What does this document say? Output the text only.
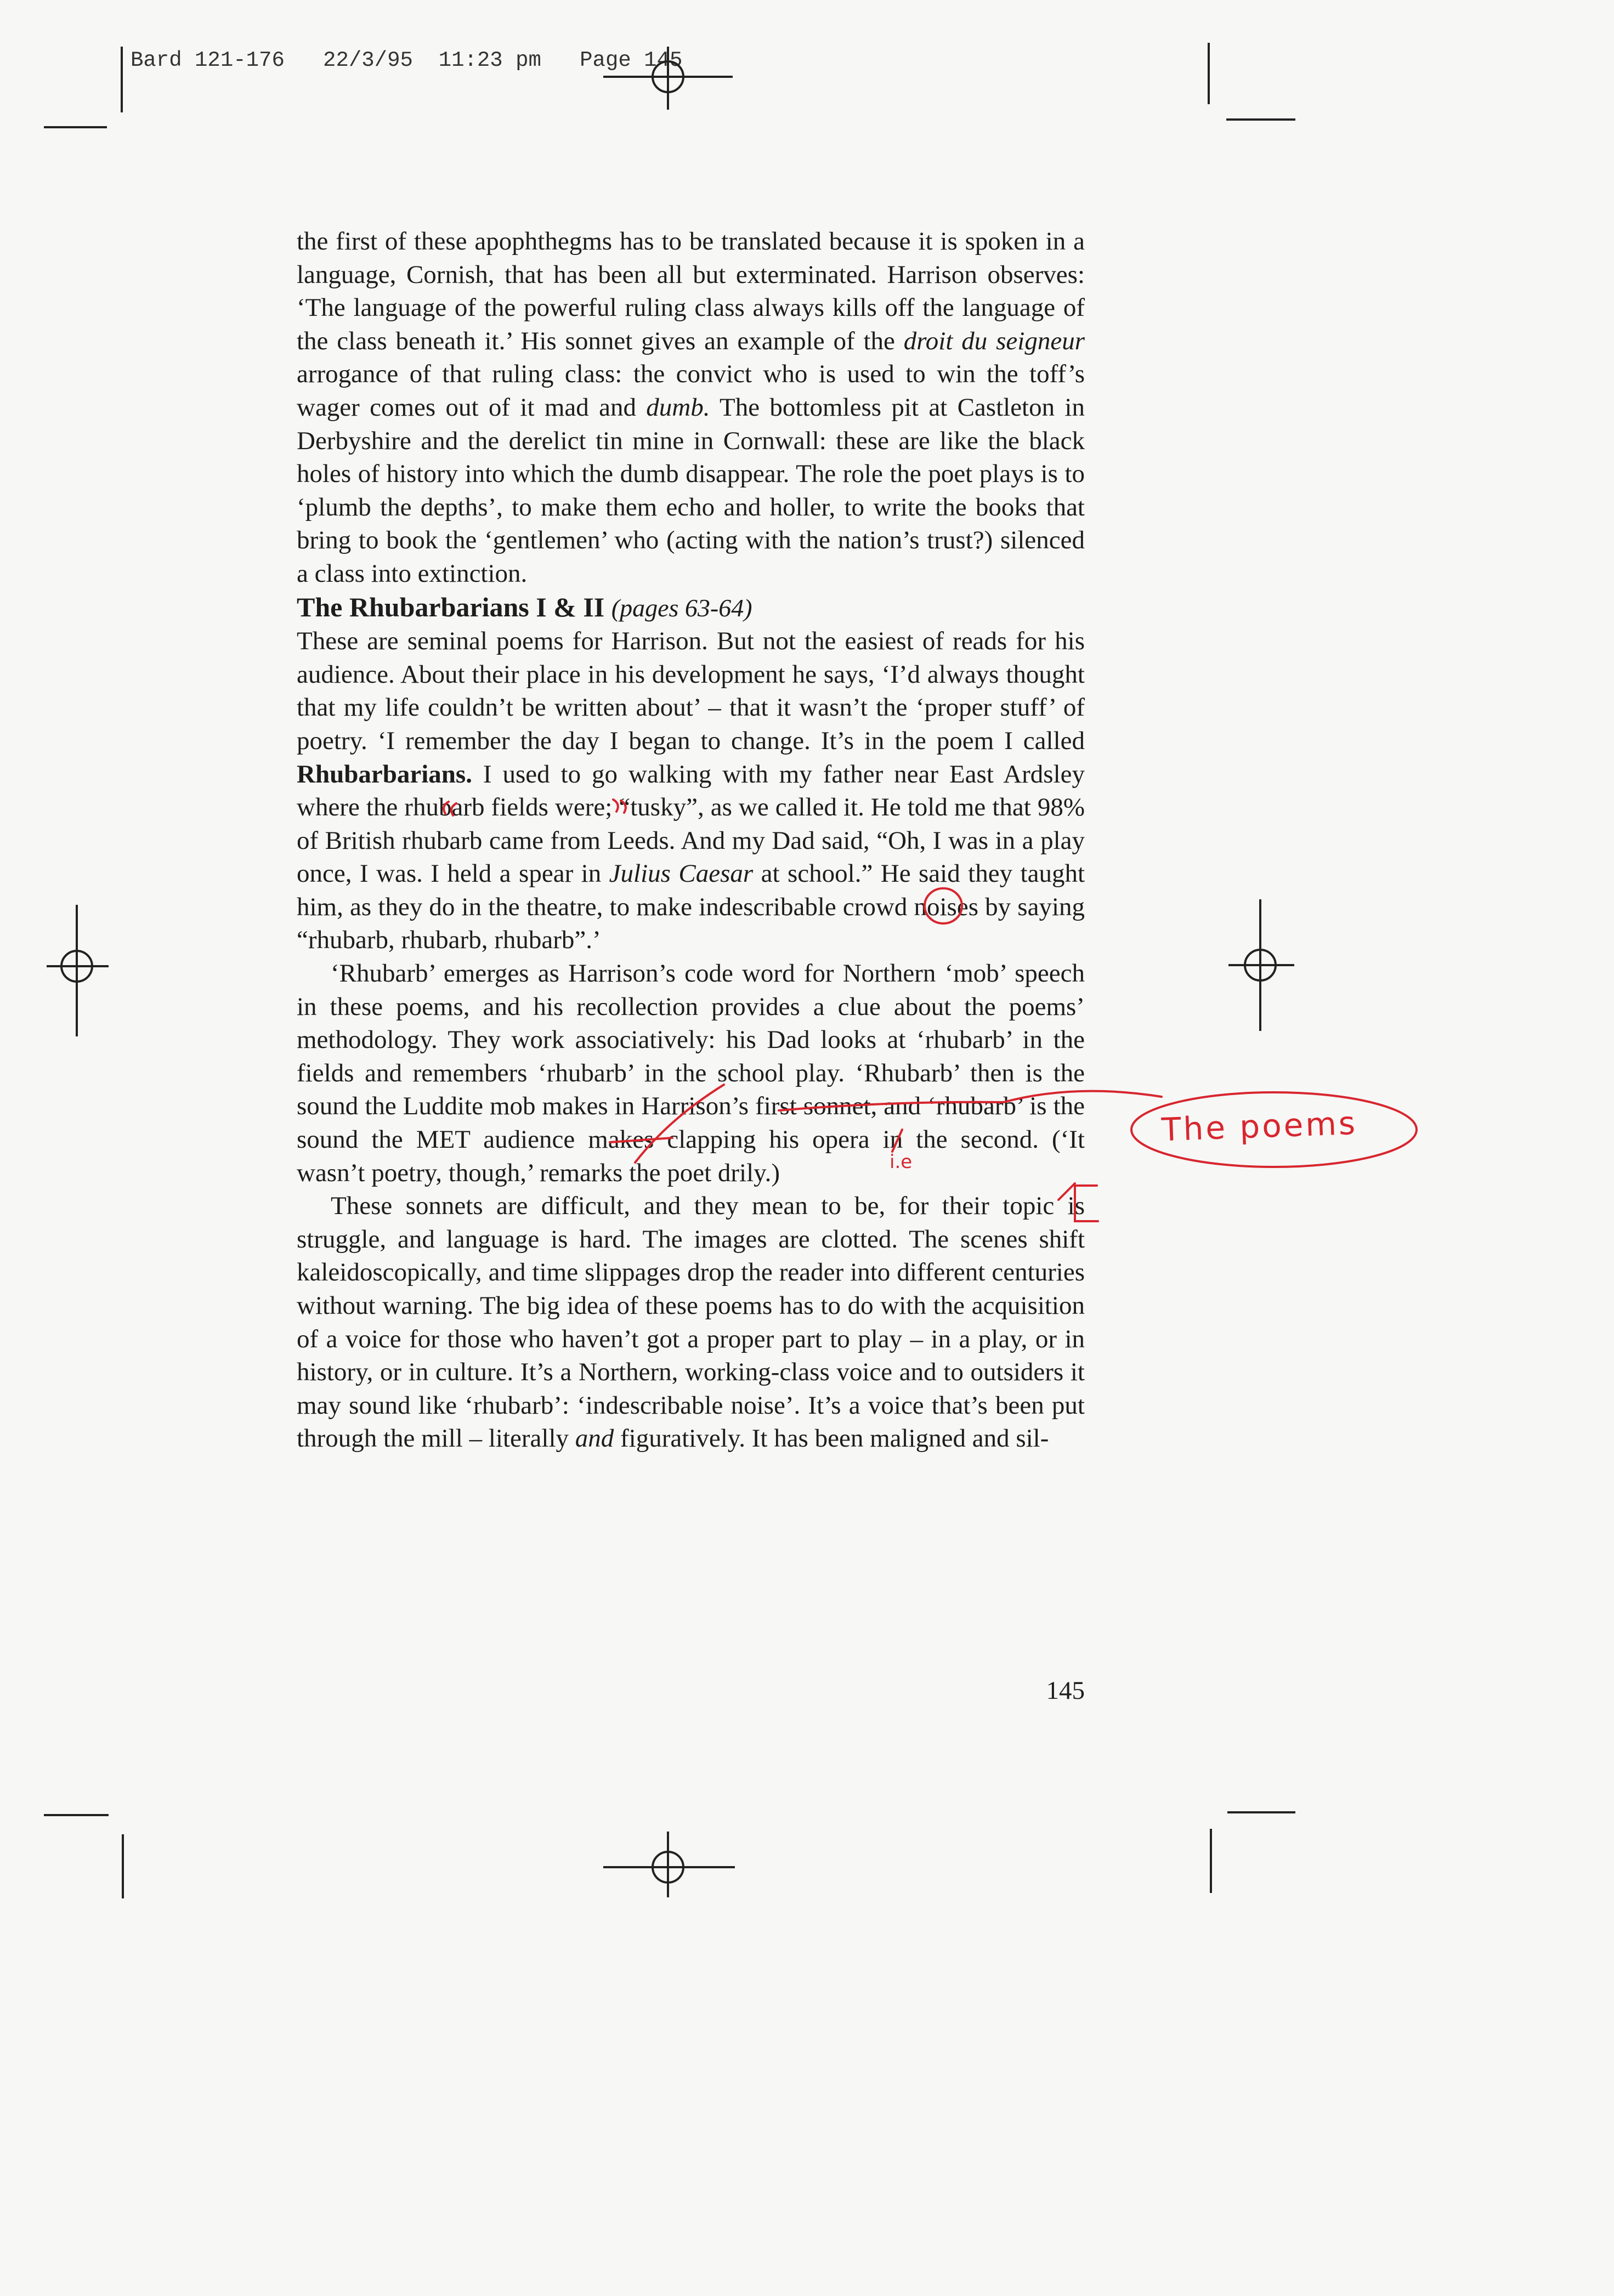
Bard 121-176   22/3/95  11:23 pm   Page 145

the first of these apophthegms has to be translated because it is spoken in a language, Cornish, that has been all but exterminated. Harrison observes: ‘The language of the powerful ruling class always kills off the language of the class beneath it.’ His sonnet gives an example of the droit du seigneur arrogance of that ruling class: the convict who is used to win the toff’s wager comes out of it mad and dumb. The bottomless pit at Castleton in Derbyshire and the derelict tin mine in Cornwall: these are like the black holes of history into which the dumb disappear. The role the poet plays is to ‘plumb the depths’, to make them echo and holler, to write the books that bring to book the ‘gentlemen’ who (acting with the nation’s trust?) silenced a class into extinction.

The Rhubarbarians I & II (pages 63-64)

These are seminal poems for Harrison. But not the easiest of reads for his audience. About their place in his development he says, ‘I’d always thought that my life couldn’t be written about’ – that it wasn’t the ‘proper stuff’ of poetry. ‘I remember the day I began to change. It’s in the poem I called Rhubarbarians. I used to go walking with my father near East Ardsley where the rhubarb fields were; “tusky”, as we called it. He told me that 98% of British rhubarb came from Leeds. And my Dad said, “Oh, I was in a play once, I was. I held a spear in Julius Caesar at school.” He said they taught him, as they do in the theatre, to make indescribable crowd noises by saying “rhubarb, rhubarb, rhubarb”.’

‘Rhubarb’ emerges as Harrison’s code word for Northern ‘mob’ speech in these poems, and his recollection provides a clue about the poems’ methodology. They work associatively: his Dad looks at ‘rhubarb’ in the fields and remembers ‘rhubarb’ in the school play. ‘Rhubarb’ then is the sound the Luddite mob makes in Harrison’s first sonnet, and ‘rhubarb’ is the sound the MET audience makes clapping his opera in the second. (‘It wasn’t poetry, though,’ remarks the poet drily.)

These sonnets are difficult, and they mean to be, for their topic is struggle, and language is hard. The images are clotted. The scenes shift kaleidoscopically, and time slippages drop the reader into different centuries without warning. The big idea of these poems has to do with the acquisition of a voice for those who haven’t got a proper part to play – in a play, or in history, or in culture. It’s a Northern, working-class voice and to outsiders it may sound like ‘rhubarb’: ‘indescribable noise’. It’s a voice that’s been put through the mill – literally and figuratively. It has been maligned and sil-

145
i.e
The poems
